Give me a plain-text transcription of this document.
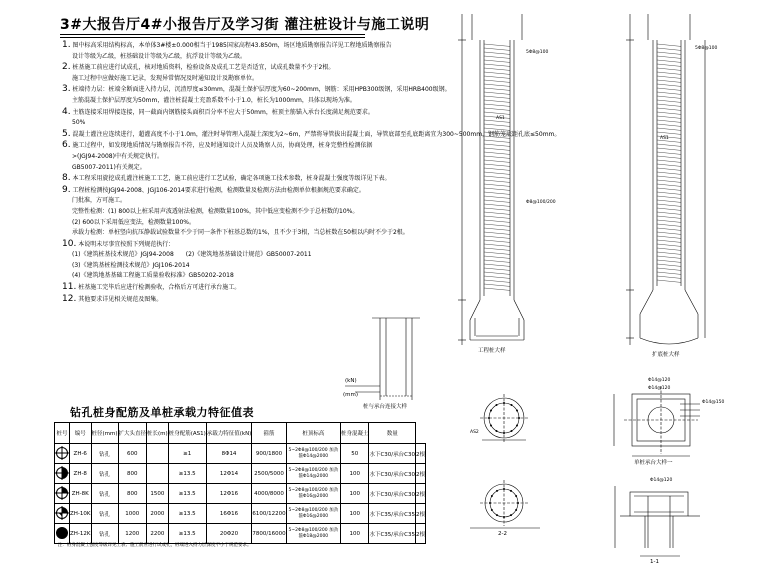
3#大报告厅4#小报告厅及学习街 灌注桩设计与施工说明
1. 图中标高采用结构标高，本单体3#楼±0.000相当于1985国家高程43.850m，场区地质勘察报告详见工程地质勘察报告
设计等级为乙级，桩基础设计等级为乙级，抗浮设计等级为乙级。
2. 桩基施工前应进行试成孔，核对地质资料，检验设备及成孔工艺是否适宜，试成孔数量不少于2根。
施工过程中应做好施工记录，发现异常情况及时通知设计及勘察单位。
3. 桩端持力层：桩端全断面进入持力层，沉渣厚度≤30mm，混凝土保护层厚度为60~200mm，钢筋：采用HPB300级钢，采用HRB400级钢。
主筋混凝土保护层厚度为50mm，灌注桩混凝土充盈系数不小于1.0，桩长为1000mm，具体以现场为准。
4. 主筋连接采用焊接连接，同一截面内钢筋接头面积百分率不应大于50mm，桩顶主筋锚入承台长度满足规范要求。
50%
5. 混凝土灌注应连续进行，超灌高度不小于1.0m，灌注时导管埋入混凝土深度为2~6m，严禁将导管拔出混凝土面，导管底部至孔底距离宜为300~500mm，钢筋笼底距孔底≤50mm。
6. 施工过程中，如发现地质情况与勘察报告不符，应及时通知设计人员及勘察人员，协商处理，桩身完整性检测依据
>(JGJ94-2008)中有关规定执行。
GB5007-2011)有关规定。
8. 本工程采用旋挖成孔灌注桩施工工艺，施工前应进行工艺试验，确定各项施工技术参数，桩身混凝土强度等级详见下表。
9. 工程桩检测按JGJ94-2008、JGJ106-2014要求进行检测，检测数量及检测方法由检测单位根据规范要求确定。
门批准，方可施工。
完整性检测：(1) 800以上桩采用声波透射法检测，检测数量100%，其中低应变检测不少于总桩数的10%。
(2) 600以下采用低应变法，检测数量100%。
承载力检测：单桩竖向抗压静载试验数量不少于同一条件下桩基总数的1%，且不少于3根，当总桩数在50根以内时不少于2根。
10. 本说明未尽事宜按照下列规范执行：
(1)《建筑桩基技术规范》JGJ94-2008　　(2)《建筑地基基础设计规范》GB50007-2011
(3)《建筑基桩检测技术规范》JGJ106-2014
(4)《建筑地基基础工程施工质量验收标准》GB50202-2018
11. 桩基施工完毕后应进行检测验收，合格后方可进行承台施工。
12. 其他要求详见相关规范及图集。
钻孔桩身配筋及单桩承载力特征值表
桩号	编号	桩径(mm)	扩大头直径	桩长(m)	桩身配筋(AS1)	承载力特征值(kN)	箍筋	桩顶标高	桩身混凝土	数量	
	ZH-6	钻孔	600		≥1	8Φ14	900/1800	5~2Φ8@100/200 加劲箍Φ14@2000	50	水下C30/承台C30	2根
	ZH-8	钻孔	800		≥13.5	12Φ14	2500/5000	5~2Φ8@100/200 加劲箍Φ14@2000	100	水下C30/承台C30	2根
	ZH-8K	钻孔	800	1500	≥13.5	12Φ16	4000/8000	5~2Φ8@100/200 加劲箍Φ16@2000	100	水下C30/承台C30	2根
	ZH-10K	钻孔	1000	2000	≥13.5	16Φ16	6100/12200	5~2Φ8@100/200 加劲箍Φ16@2000	100	水下C35/承台C35	2根
	ZH-12K	钻孔	1200	2200	≥13.5	20Φ20	7800/16000	5~2Φ8@100/200 加劲箍Φ18@2000	100	水下C35/承台C35	2根
注：桩身混凝土强度等级详见上表；施工前应进行试成孔，桩端进入持力层深度不小于规范要求。
桩与承台连接大样
(mm)
(kN)
工程桩大样
扩底桩大样
AS1
AS1
5Φ8@100
5Φ8@100
Φ8@100/200
AS2
2-2
1-1
单桩承台大样一
Φ14@120
Φ14@120
Φ14@150
Φ14@120
